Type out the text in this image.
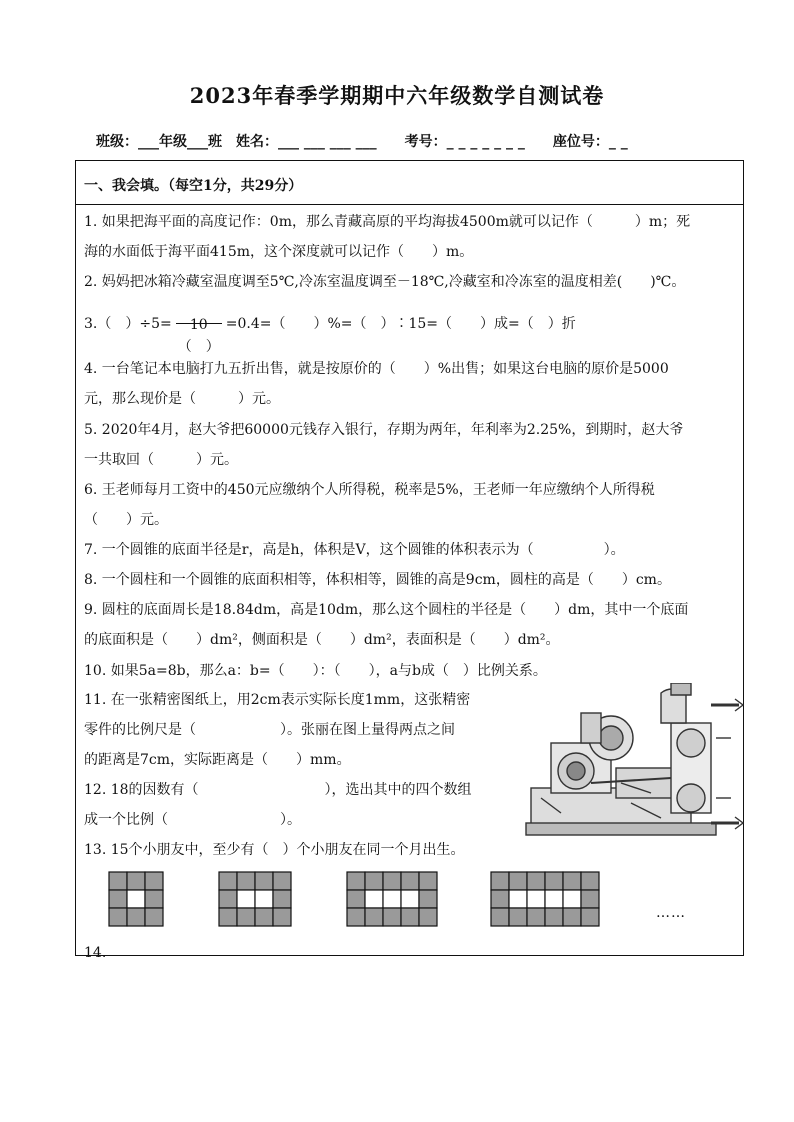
2023年春季学期期中六年级数学自测试卷
班级：___年级___班　姓名：___ ___ ___ ___　　考号：_ _ _ _ _ _ _　　座位号：_ _
一、我会填。（每空1分，共29分）
1. 如果把海平面的高度记作：0m，那么青藏高原的平均海拔4500m就可以记作（　　　）m；死
海的水面低于海平面415m，这个深度就可以记作（　　）m。
2. 妈妈把冰箱冷藏室温度调至5℃,冷冻室温度调至－18℃,冷藏室和冷冻室的温度相差(　　)℃。
3.（　）÷5=	10
（　）
=0.4=（　　）%=（　）∶15=（　　）成=（　）折
4. 一台笔记本电脑打九五折出售，就是按原价的（　　）%出售；如果这台电脑的原价是5000
元，那么现价是（　　　）元。
5. 2020年4月，赵大爷把60000元钱存入银行，存期为两年，年利率为2.25%，到期时，赵大爷
一共取回（　　　）元。
6. 王老师每月工资中的450元应缴纳个人所得税，税率是5%，王老师一年应缴纳个人所得税
（　　）元。
7. 一个圆锥的底面半径是r，高是h，体积是V，这个圆锥的体积表示为（　　　　　）。
8. 一个圆柱和一个圆锥的底面积相等，体积相等，圆锥的高是9cm，圆柱的高是（　　）cm。
9. 圆柱的底面周长是18.84dm，高是10dm，那么这个圆柱的半径是（　　）dm，其中一个底面
的底面积是（　　）dm²，侧面积是（　　）dm²，表面积是（　　）dm²。
10. 如果5a=8b，那么a：b=（　　）：（　　），a与b成（　）比例关系。
11. 在一张精密图纸上，用2cm表示实际长度1mm，这张精密
零件的比例尺是（　　　　　　）。张丽在图上量得两点之间
的距离是7cm，实际距离是（　　）mm。
12. 18的因数有（　　　　　　　　　），选出其中的四个数组
成一个比例（　　　　　　　　）。
13. 15个小朋友中，至少有（　）个小朋友在同一个月出生。
……
14.
